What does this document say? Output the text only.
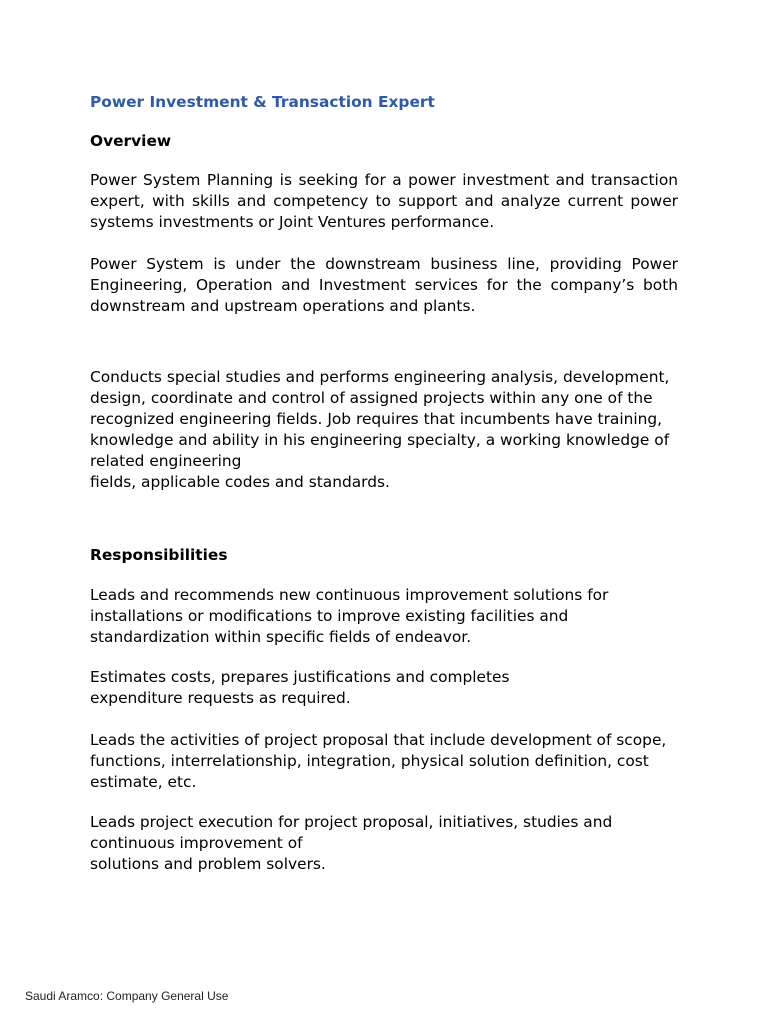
Power Investment & Transaction Expert
Overview

Power System Planning is seeking for a power investment and transaction expert, with skills and competency to support and analyze current power systems investments or Joint Ventures performance.

Power System is under the downstream business line, providing Power Engineering, Operation and Investment services for the company’s both downstream and upstream operations and plants.

Conducts special studies and performs engineering analysis, development, design, coordinate and control of assigned projects within any one of the recognized engineering fields. Job requires that incumbents have training, knowledge and ability in his engineering specialty, a working knowledge of related engineering
fields, applicable codes and standards.

Responsibilities

Leads and recommends new continuous improvement solutions for installations or modifications to improve existing facilities and standardization within specific fields of endeavor.

Estimates costs, prepares justifications and completes
expenditure requests as required.

Leads the activities of project proposal that include development of scope, functions, interrelationship, integration, physical solution definition, cost
estimate, etc.

Leads project execution for project proposal, initiatives, studies and continuous improvement of
solutions and problem solvers.

Saudi Aramco: Company General Use
